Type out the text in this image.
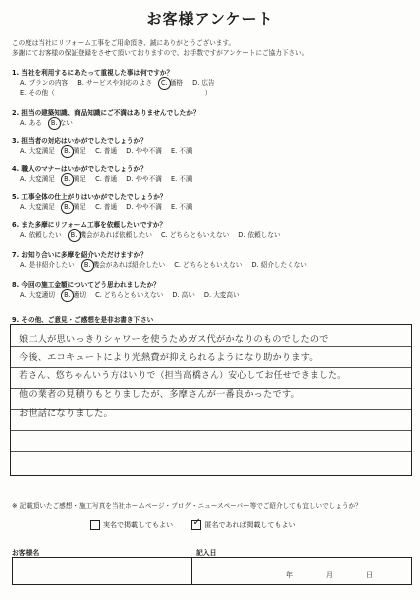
お客様アンケート
この度は当社にリフォーム工事をご用命頂き、誠にありがとうございます。
多謝にてお客様の保証登録をさせて頂いておりますので、お手数ですがアンケートにご協力下さい。
1. 当社を利用するにあたって重視した事は何ですか？
A. プランの内容 B. サービスや対応のよさ C. 価格 D. 広告
E. その他（	）
2. 担当の建築知識、商品知識にご不満はありませんでしたか？
A. ある B. ない
3. 担当者の対応はいかがでしたでしょうか？
A. 大変満足 B. 満足 C. 普通 D. やや不満 E. 不満
4. 職人のマナーはいかがでしたでしょうか？
A. 大変満足 B. 満足 C. 普通 D. やや不満 E. 不満
5. 工事全体の仕上がりはいかがでしたでしょうか？
A. 大変満足 B. 満足 C. 普通 D. やや不満 E. 不満
6. また多摩にリフォーム工事を依頼したいですか？
A. 依頼したい B. 機会があれば依頼したい C. どちらともいえない D. 依頼しない
7. お知り合いに多摩を紹介いただけますか？
A. 是非紹介したい B. 機会があれば紹介したい C. どちらともいえない D. 紹介したくない
8. 今回の施工金額についてどう思われましたか？
A. 大変適切 B. 適切 C. どちらともいえない D. 高い D. 大変高い
9. その他、ご意見・ご感想を是非お書き下さい
娘二人が思いっきりシャワーを使うためガス代がかなりのものでしたので
今後、エコキュートにより光熱費が抑えられるようになり助かります。
若さん、悠ちゃんいう方はいりで（担当高橋さん）安心してお任せできました。
他の業者の見積りもとりましたが、多摩さんが一番良かったです。
お世話になりました。
※ 記載頂いたご感想・施工写真を当社ホームページ・ブログ・ニュースペーパー等でご紹介しても宜しいでしょうか？
実名で掲載してもよい  ✓	匿名であれば掲載してもよい
お客様名	記入日
年	月	日
